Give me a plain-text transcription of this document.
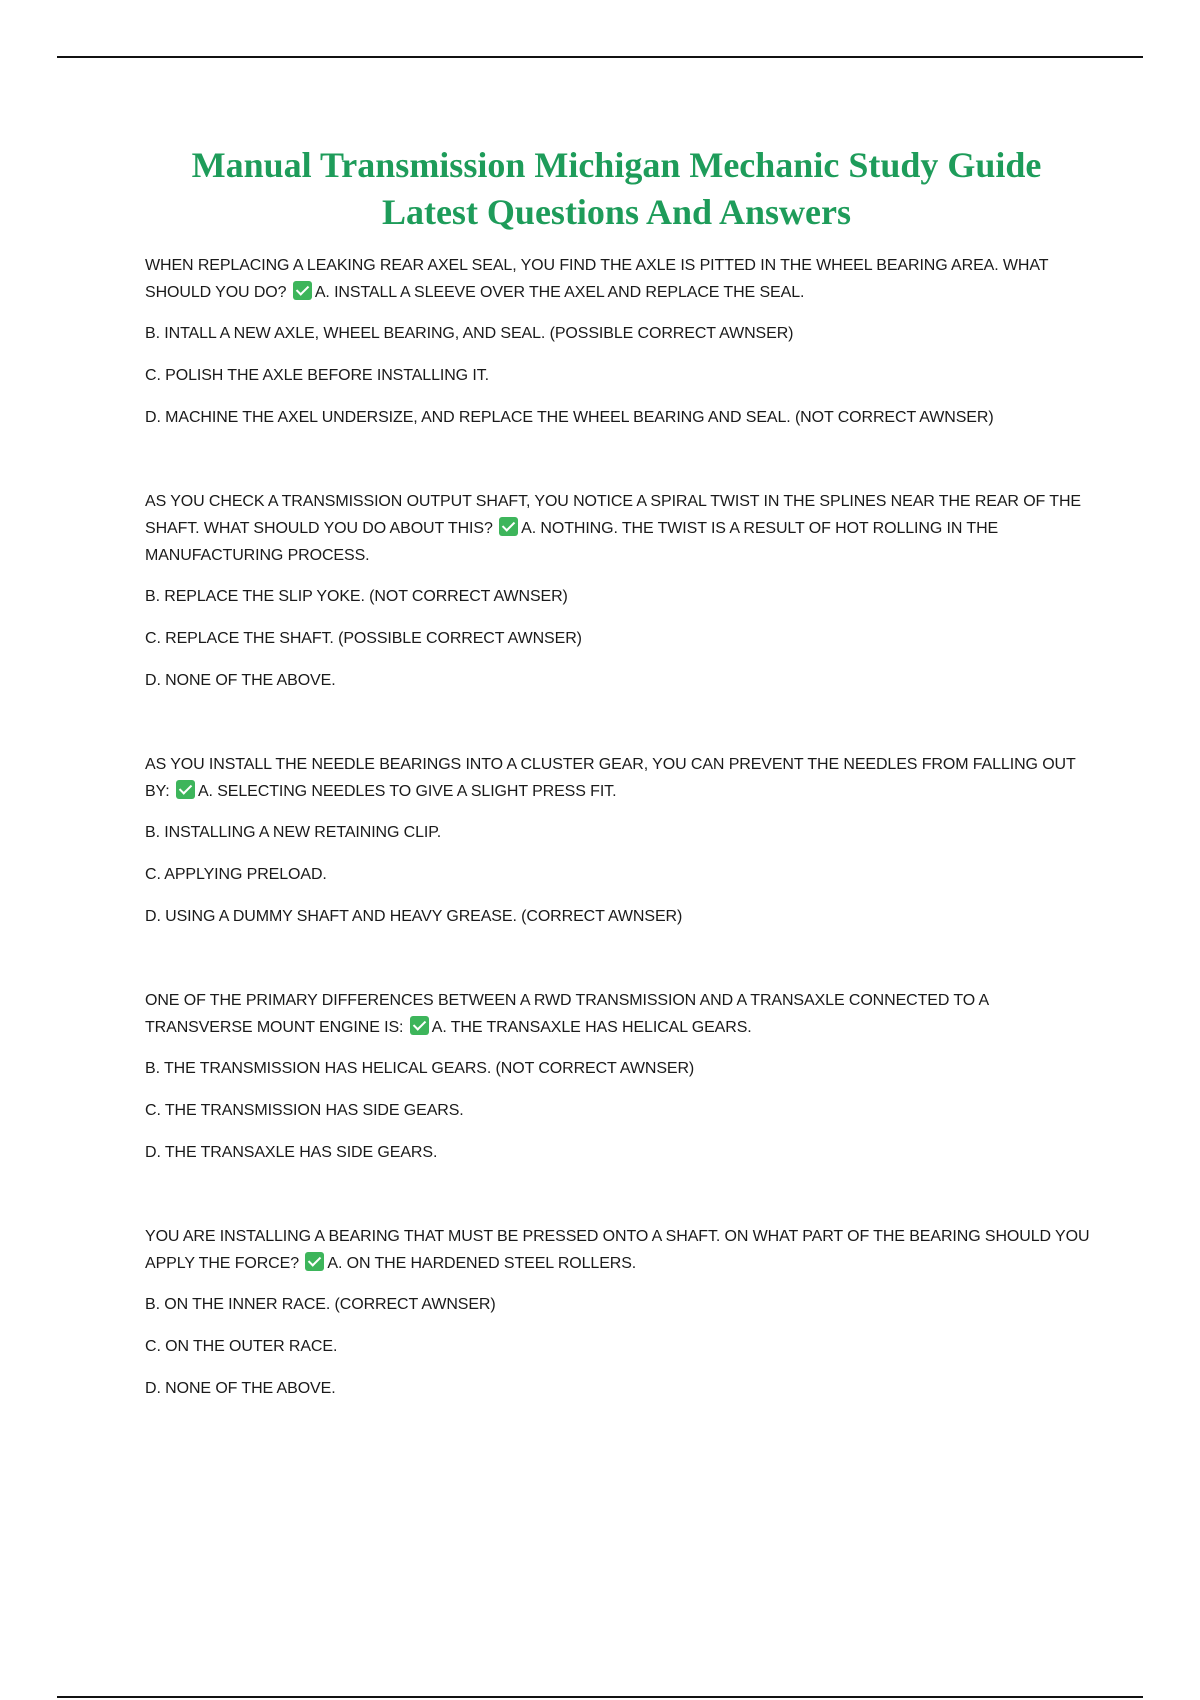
Manual Transmission Michigan Mechanic Study Guide
Latest Questions And Answers
WHEN REPLACING A LEAKING REAR AXEL SEAL, YOU FIND THE AXLE IS PITTED IN THE WHEEL BEARING AREA. WHAT SHOULD YOU DO? A. INSTALL A SLEEVE OVER THE AXEL AND REPLACE THE SEAL.
B. INTALL A NEW AXLE, WHEEL BEARING, AND SEAL. (POSSIBLE CORRECT AWNSER)
C. POLISH THE AXLE BEFORE INSTALLING IT.
D. MACHINE THE AXEL UNDERSIZE, AND REPLACE THE WHEEL BEARING AND SEAL. (NOT CORRECT AWNSER)
AS YOU CHECK A TRANSMISSION OUTPUT SHAFT, YOU NOTICE A SPIRAL TWIST IN THE SPLINES NEAR THE REAR OF THE SHAFT. WHAT SHOULD YOU DO ABOUT THIS? A. NOTHING. THE TWIST IS A RESULT OF HOT ROLLING IN THE MANUFACTURING PROCESS.
B. REPLACE THE SLIP YOKE. (NOT CORRECT AWNSER)
C. REPLACE THE SHAFT. (POSSIBLE CORRECT AWNSER)
D. NONE OF THE ABOVE.
AS YOU INSTALL THE NEEDLE BEARINGS INTO A CLUSTER GEAR, YOU CAN PREVENT THE NEEDLES FROM FALLING OUT BY: A. SELECTING NEEDLES TO GIVE A SLIGHT PRESS FIT.
B. INSTALLING A NEW RETAINING CLIP.
C. APPLYING PRELOAD.
D. USING A DUMMY SHAFT AND HEAVY GREASE. (CORRECT AWNSER)
ONE OF THE PRIMARY DIFFERENCES BETWEEN A RWD TRANSMISSION AND A TRANSAXLE CONNECTED TO A TRANSVERSE MOUNT ENGINE IS: A. THE TRANSAXLE HAS HELICAL GEARS.
B. THE TRANSMISSION HAS HELICAL GEARS. (NOT CORRECT AWNSER)
C. THE TRANSMISSION HAS SIDE GEARS.
D. THE TRANSAXLE HAS SIDE GEARS.
YOU ARE INSTALLING A BEARING THAT MUST BE PRESSED ONTO A SHAFT. ON WHAT PART OF THE BEARING SHOULD YOU APPLY THE FORCE? A. ON THE HARDENED STEEL ROLLERS.
B. ON THE INNER RACE. (CORRECT AWNSER)
C. ON THE OUTER RACE.
D. NONE OF THE ABOVE.
